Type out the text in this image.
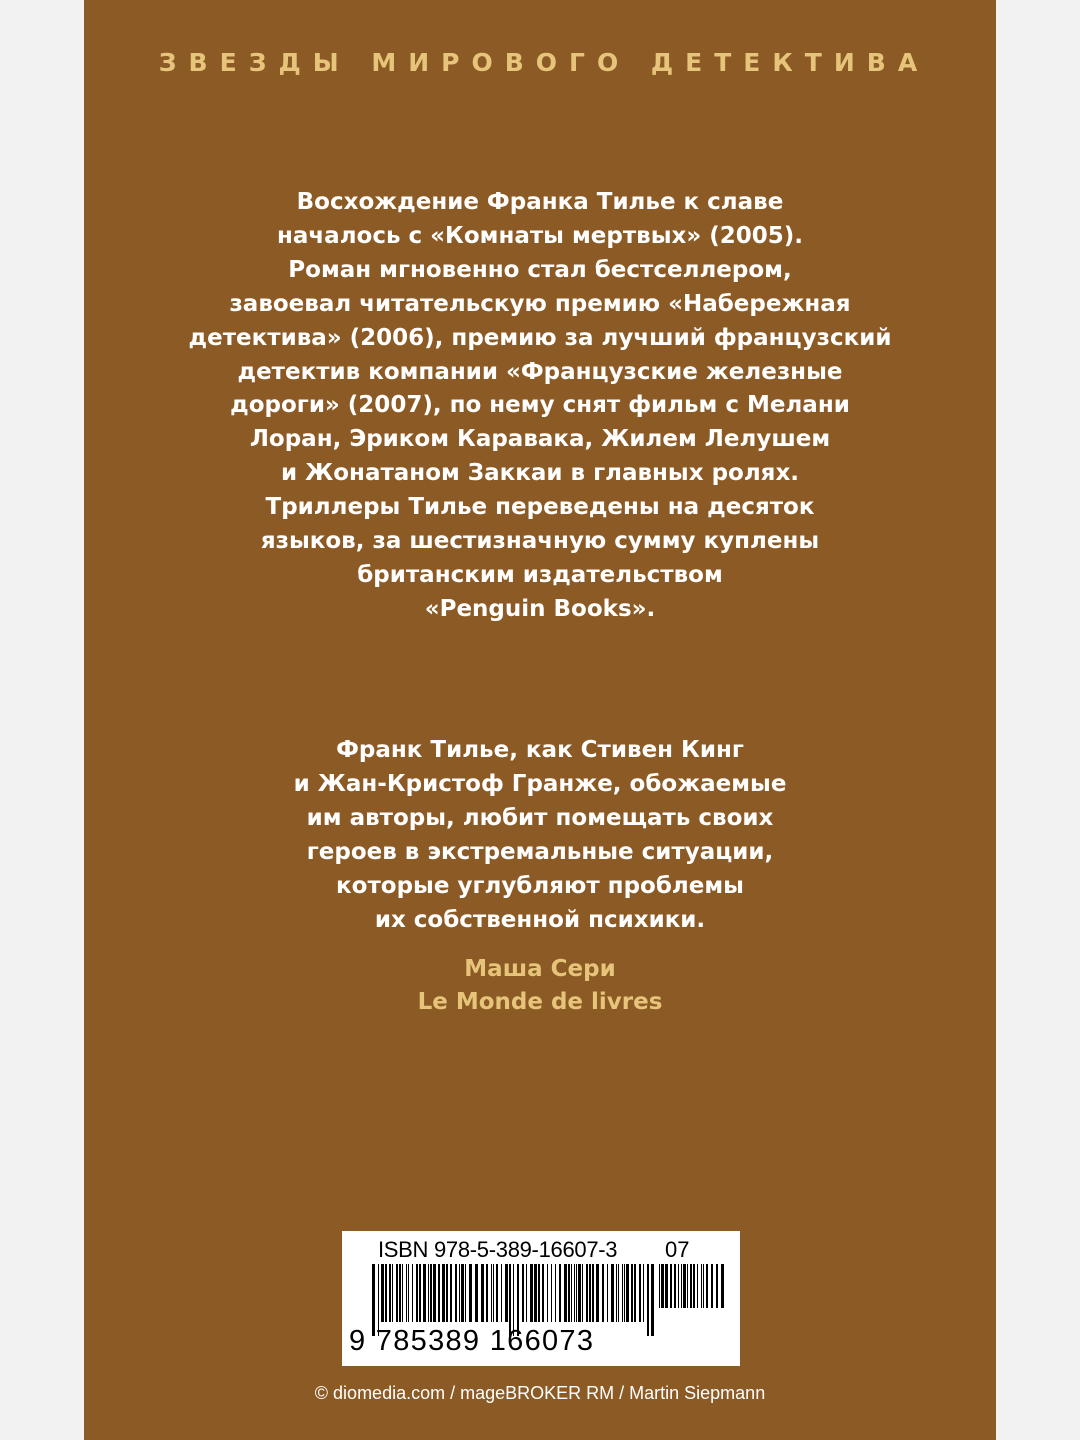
ЗВЕЗДЫ МИРОВОГО ДЕТЕКТИВА
Восхождение Франка Тилье к славе
началось с «Комнаты мертвых» (2005).
Роман мгновенно стал бестселлером,
завоевал читательскую премию «Набережная
детектива» (2006), премию за лучший французский
детектив компании «Французские железные
дороги» (2007), по нему снят фильм с Мелани
Лоран, Эриком Каравака, Жилем Лелушем
и Жонатаном Заккаи в главных ролях.
Триллеры Тилье переведены на десяток
языков, за шестизначную сумму куплены
британским издательством
«Penguin Books».
Франк Тилье, как Стивен Кинг
и Жан-Кристоф Гранже, обожаемые
им авторы, любит помещать своих
героев в экстремальные ситуации,
которые углубляют проблемы
их собственной психики.
Маша Сери
Le Monde de livres
ISBN 978-5-389-16607-3 07
9 785389 166073
© diomedia.com / mageBROKER RM / Martin Siepmann
